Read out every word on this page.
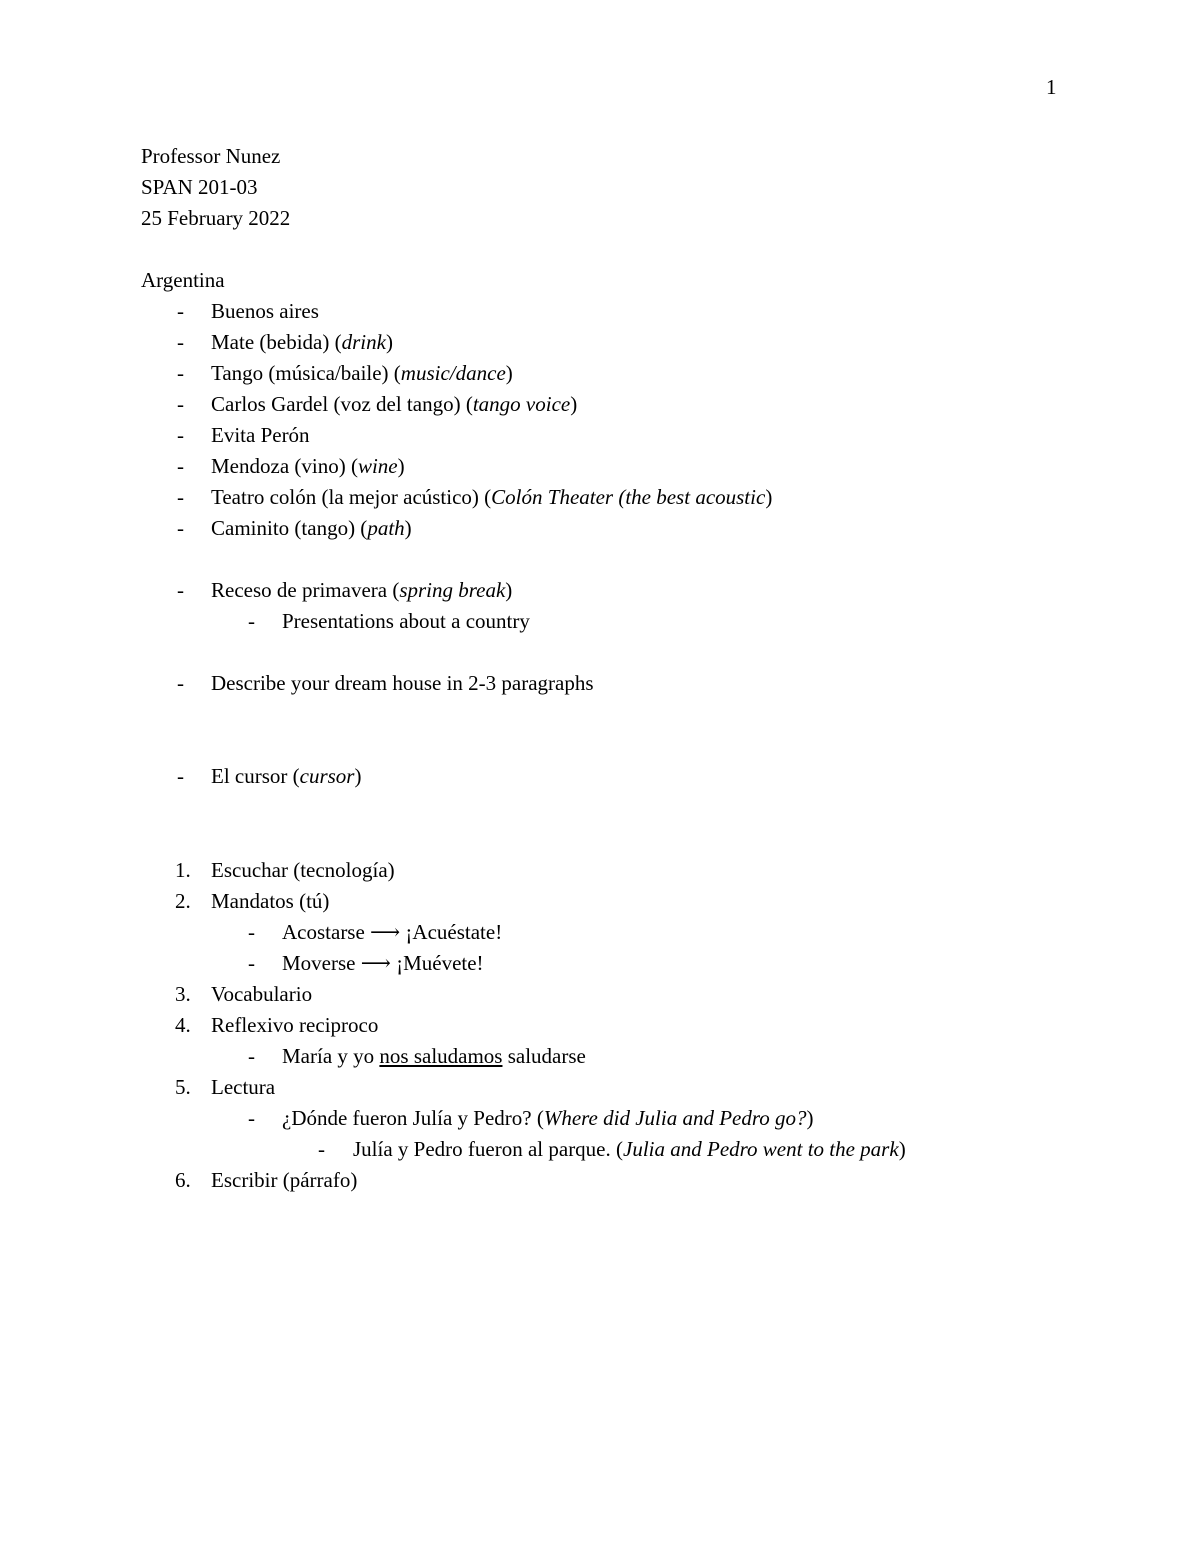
1
Professor Nunez
SPAN 201-03
25 February 2022
Argentina
- Buenos aires
- Mate (bebida) (drink)
- Tango (música/baile) (music/dance)
- Carlos Gardel (voz del tango) (tango voice)
- Evita Perón
- Mendoza (vino) (wine)
- Teatro colón (la mejor acústico) (Colón Theater (the best acoustic)
- Caminito (tango) (path)
- Receso de primavera (spring break)
- Presentations about a country
- Describe your dream house in 2-3 paragraphs
- El cursor (cursor)
1. Escuchar (tecnología)
2. Mandatos (tú)
- Acostarse ⟶ ¡Acuéstate!
- Moverse ⟶ ¡Muévete!
3. Vocabulario
4. Reflexivo reciproco
- María y yo nos saludamos saludarse
5. Lectura
- ¿Dónde fueron Julía y Pedro? (Where did Julia and Pedro go?)
- Julía y Pedro fueron al parque. (Julia and Pedro went to the park)
6. Escribir (párrafo)
